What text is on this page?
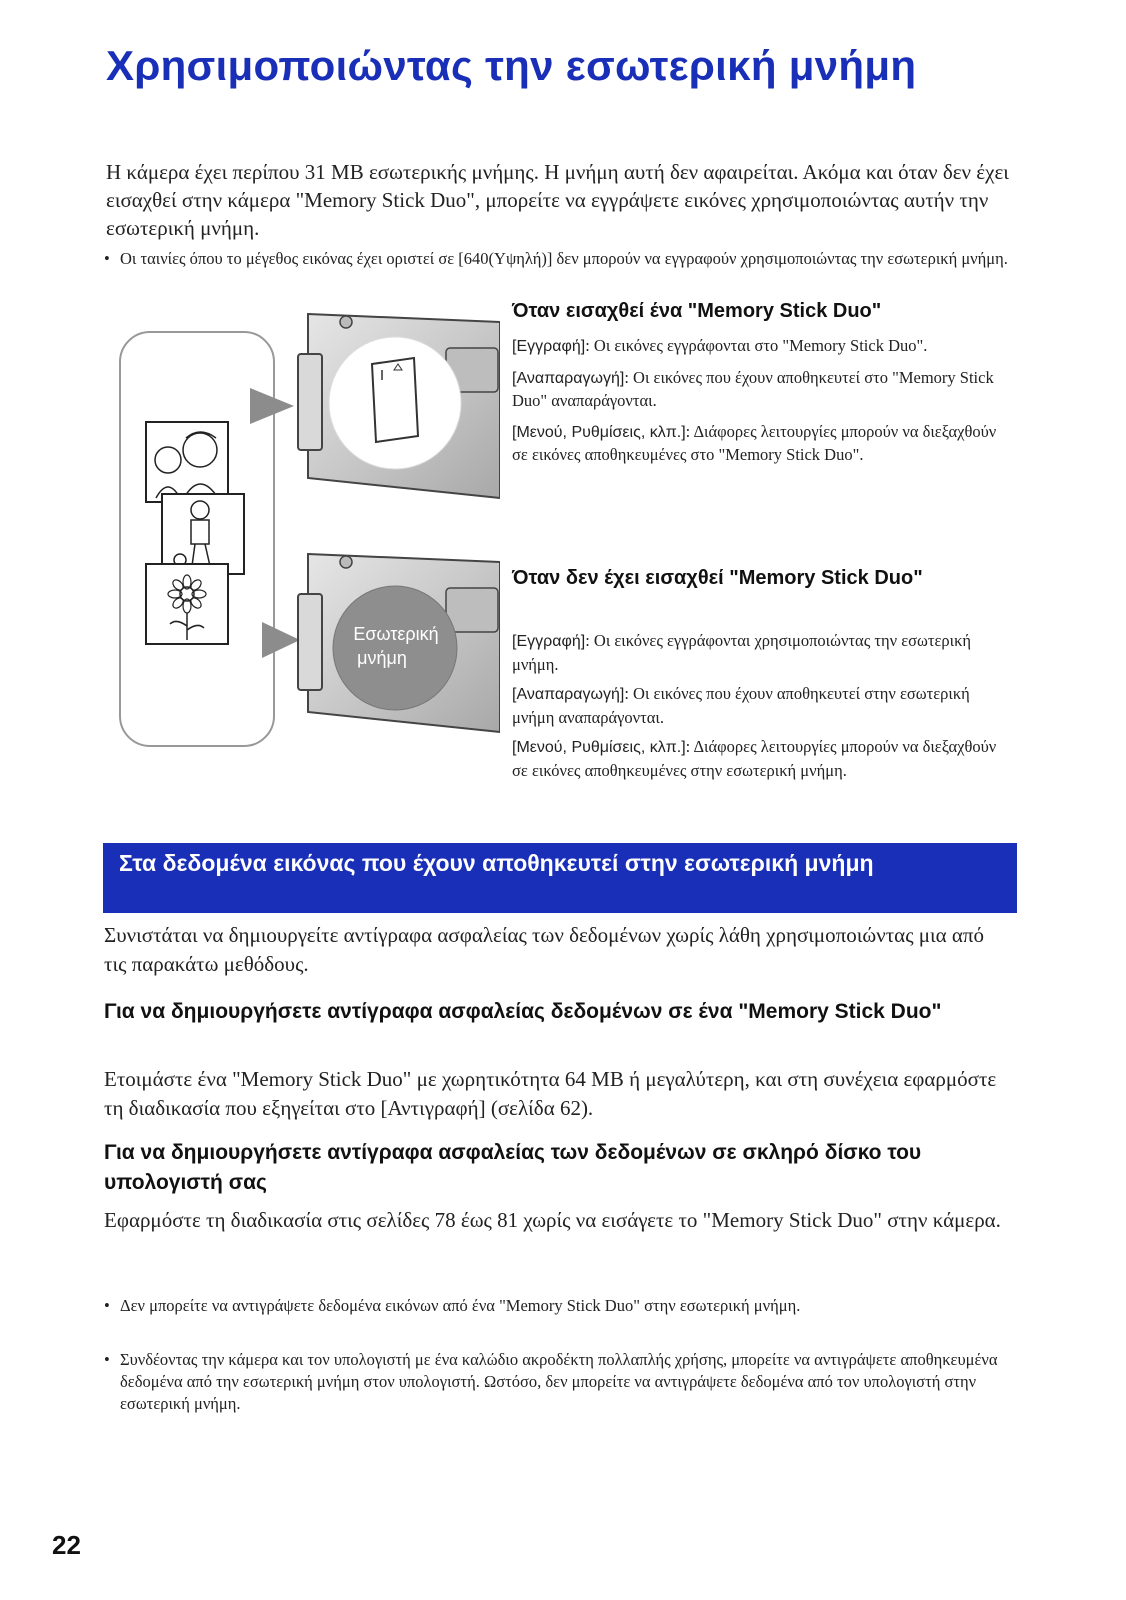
Χρησιμοποιώντας την εσωτερική μνήμη

Η κάμερα έχει περίπου 31 MB εσωτερικής μνήμης. Η μνήμη αυτή δεν αφαιρείται. Ακόμα και όταν δεν έχει εισαχθεί στην κάμερα "Memory Stick Duo", μπορείτε να εγγράψετε εικόνες χρησιμοποιώντας αυτήν την εσωτερική μνήμη.

• Οι ταινίες όπου το μέγεθος εικόνας έχει οριστεί σε [640(Υψηλή)] δεν μπορούν να εγγραφούν χρησιμοποιώντας την εσωτερική μνήμη.
Εσωτερική
μνήμη
Όταν εισαχθεί ένα "Memory Stick Duo"

[Εγγραφή]: Οι εικόνες εγγράφονται στο "Memory Stick Duo".

[Αναπαραγωγή]: Οι εικόνες που έχουν αποθηκευτεί στο "Memory Stick Duo" αναπαράγονται.

[Μενού, Ρυθμίσεις, κλπ.]: Διάφορες λειτουργίες μπορούν να διεξαχθούν σε εικόνες αποθηκευμένες στο "Memory Stick Duo".

Όταν δεν έχει εισαχθεί "Memory Stick Duo"

[Εγγραφή]: Οι εικόνες εγγράφονται χρησιμοποιώντας την εσωτερική μνήμη.

[Αναπαραγωγή]: Οι εικόνες που έχουν αποθηκευτεί στην εσωτερική μνήμη αναπαράγονται.

[Μενού, Ρυθμίσεις, κλπ.]: Διάφορες λειτουργίες μπορούν να διεξαχθούν σε εικόνες αποθηκευμένες στην εσωτερική μνήμη.

Στα δεδομένα εικόνας που έχουν αποθηκευτεί στην εσωτερική μνήμη

Συνιστάται να δημιουργείτε αντίγραφα ασφαλείας των δεδομένων χωρίς λάθη χρησιμοποιώντας μια από τις παρακάτω μεθόδους.

Για να δημιουργήσετε αντίγραφα ασφαλείας δεδομένων σε ένα "Memory Stick Duo"

Ετοιμάστε ένα "Memory Stick Duo" με χωρητικότητα 64 MB ή μεγαλύτερη, και στη συνέχεια εφαρμόστε τη διαδικασία που εξηγείται στο [Αντιγραφή] (σελίδα 62).

Για να δημιουργήσετε αντίγραφα ασφαλείας των δεδομένων σε σκληρό δίσκο του υπολογιστή σας

Εφαρμόστε τη διαδικασία στις σελίδες 78 έως 81 χωρίς να εισάγετε το "Memory Stick Duo" στην κάμερα.

• Δεν μπορείτε να αντιγράψετε δεδομένα εικόνων από ένα "Memory Stick Duo" στην εσωτερική μνήμη.
• Συνδέοντας την κάμερα και τον υπολογιστή με ένα καλώδιο ακροδέκτη πολλαπλής χρήσης, μπορείτε να αντιγράψετε αποθηκευμένα δεδομένα από την εσωτερική μνήμη στον υπολογιστή. Ωστόσο, δεν μπορείτε να αντιγράψετε δεδομένα από τον υπολογιστή στην εσωτερική μνήμη.
22
